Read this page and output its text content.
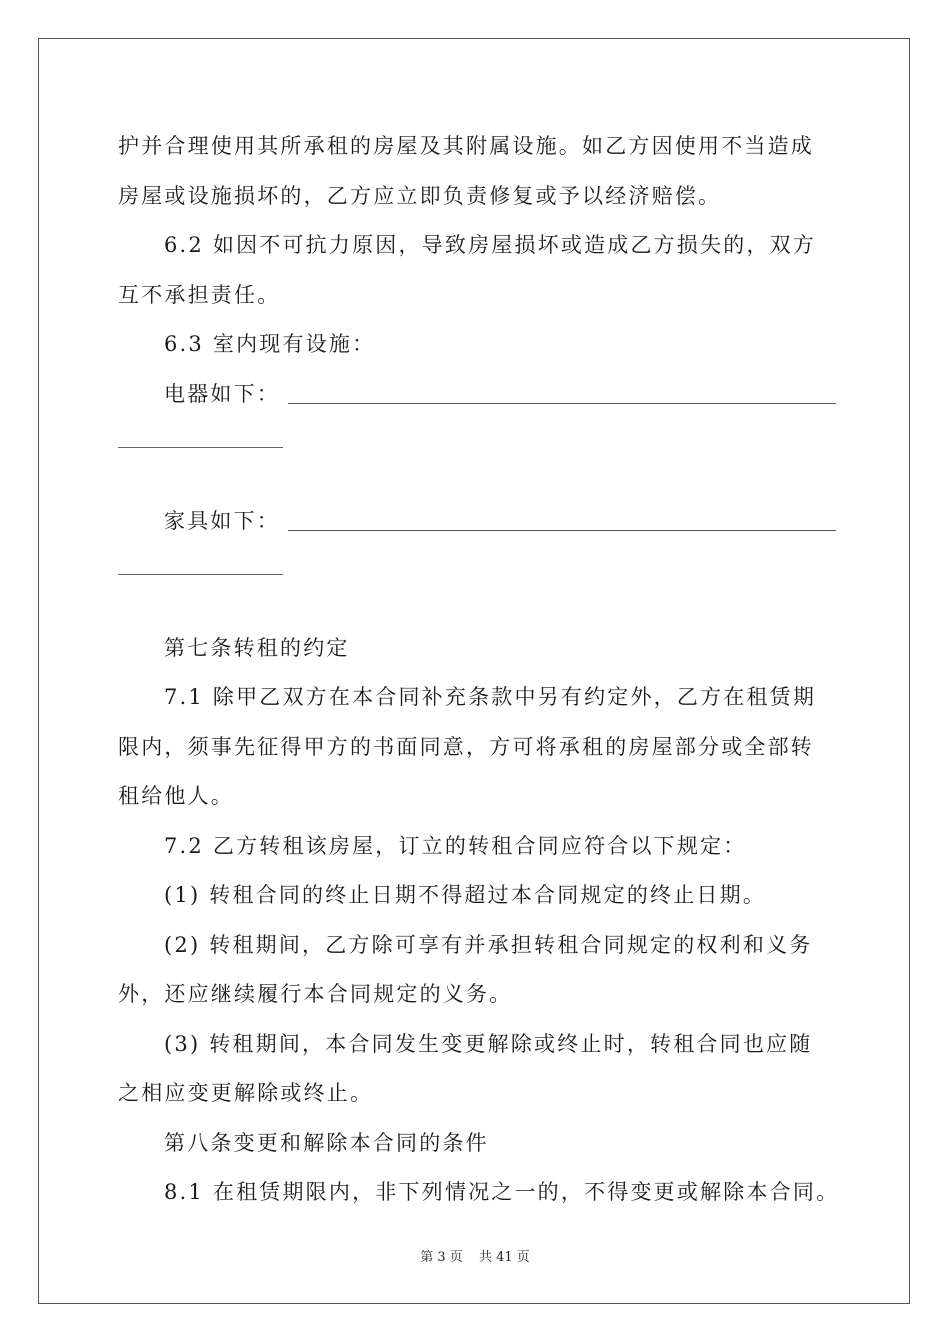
护并合理使用其所承租的房屋及其附属设施。如乙方因使用不当造成
房屋或设施损坏的，乙方应立即负责修复或予以经济赔偿。
6.2 如因不可抗力原因，导致房屋损坏或造成乙方损失的，双方
互不承担责任。
6.3 室内现有设施：
电器如下：
家具如下：
第七条转租的约定
7.1 除甲乙双方在本合同补充条款中另有约定外，乙方在租赁期
限内，须事先征得甲方的书面同意，方可将承租的房屋部分或全部转
租给他人。
7.2 乙方转租该房屋，订立的转租合同应符合以下规定：
(1) 转租合同的终止日期不得超过本合同规定的终止日期。
(2) 转租期间，乙方除可享有并承担转租合同规定的权利和义务
外，还应继续履行本合同规定的义务。
(3) 转租期间，本合同发生变更解除或终止时，转租合同也应随
之相应变更解除或终止。
第八条变更和解除本合同的条件
8.1 在租赁期限内，非下列情况之一的，不得变更或解除本合同。
第 3 页 共 41 页
